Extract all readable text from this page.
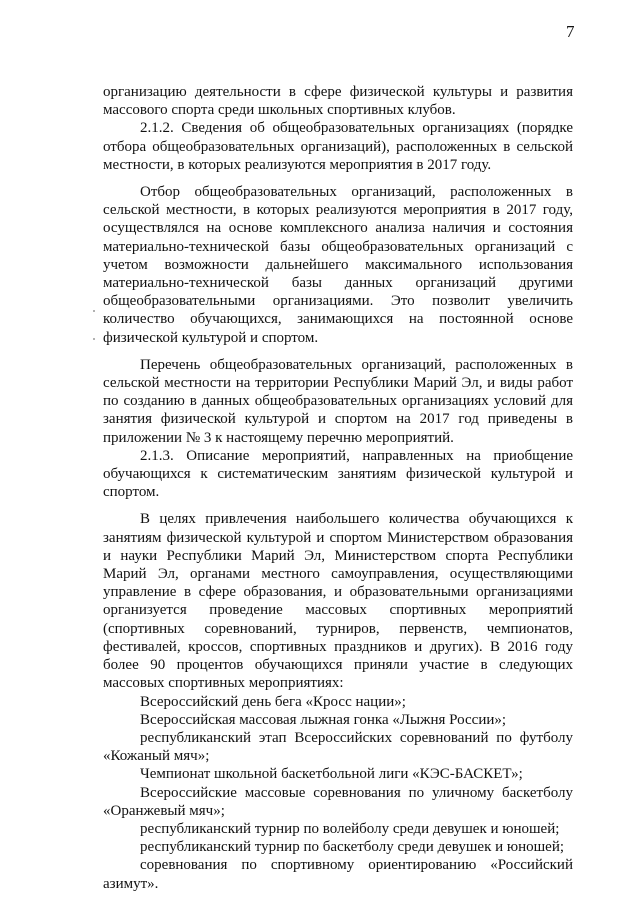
7

организацию деятельности в сфере физической культуры и развития массового спорта среди школьных спортивных клубов.

2.1.2. Сведения об общеобразовательных организациях (порядке отбора общеобразовательных организаций), расположенных в сельской местности, в которых реализуются мероприятия в 2017 году.

Отбор общеобразовательных организаций, расположенных в сельской местности, в которых реализуются мероприятия в 2017 году, осуществлялся на основе комплексного анализа наличия и состояния материально-технической базы общеобразовательных организаций с учетом возможности дальнейшего максимального использования материально-технической базы данных организаций другими общеобразовательными организациями. Это позволит увеличить количество обучающихся, занимающихся на постоянной основе физической культурой и спортом.

Перечень общеобразовательных организаций, расположенных в сельской местности на территории Республики Марий Эл, и виды работ по созданию в данных общеобразовательных организациях условий для занятия физической культурой и спортом на 2017 год приведены в приложении № 3 к настоящему перечню мероприятий.

2.1.3. Описание мероприятий, направленных на приобщение обучающихся к систематическим занятиям физической культурой и спортом.

В целях привлечения наибольшего количества обучающихся к занятиям физической культурой и спортом Министерством образования и науки Республики Марий Эл, Министерством спорта Республики Марий Эл, органами местного самоуправления, осуществляющими управление в сфере образования, и образовательными организациями организуется проведение массовых спортивных мероприятий (спортивных соревнований, турниров, первенств, чемпионатов, фестивалей, кроссов, спортивных праздников и других). В 2016 году более 90 процентов обучающихся приняли участие в следующих массовых спортивных мероприятиях:

Всероссийский день бега «Кросс нации»;

Всероссийская массовая лыжная гонка «Лыжня России»;

республиканский этап Всероссийских соревнований по футболу «Кожаный мяч»;

Чемпионат школьной баскетбольной лиги «КЭС-БАСКЕТ»;

Всероссийские массовые соревнования по уличному баскетболу «Оранжевый мяч»;

республиканский турнир по волейболу среди девушек и юношей;

республиканский турнир по баскетболу среди девушек и юношей;

соревнования по спортивному ориентированию «Российский азимут».
